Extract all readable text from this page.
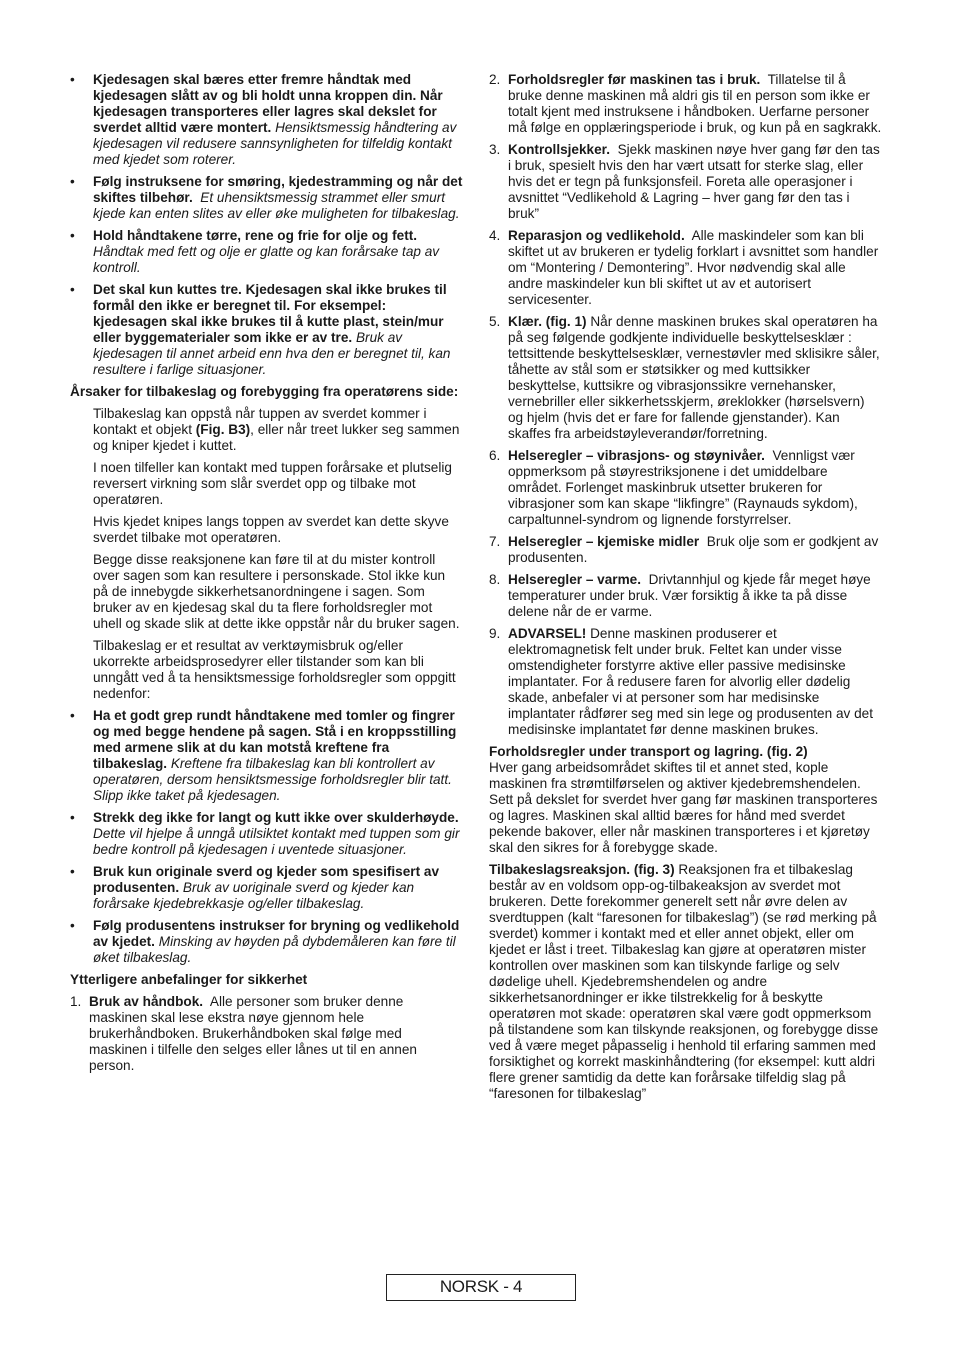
• Kjedesagen skal bæres etter fremre håndtak med kjedesagen slått av og bli holdt unna kroppen din. Når kjedesagen transporteres eller lagres skal dekslet for sverdet alltid være montert. Hensiktsmessig håndtering av kjedesagen vil redusere sannsynligheten for tilfeldig kontakt med kjedet som roterer.
• Følg instruksene for smøring, kjedestramming og når det skiftes tilbehør. Et uhensiktsmessig strammet eller smurt kjede kan enten slites av eller øke muligheten for tilbakeslag.
• Hold håndtakene tørre, rene og frie for olje og fett. Håndtak med fett og olje er glatte og kan forårsake tap av kontroll.
• Det skal kun kuttes tre. Kjedesagen skal ikke brukes til formål den ikke er beregnet til. For eksempel: kjedesagen skal ikke brukes til å kutte plast, stein/mur eller byggematerialer som ikke er av tre. Bruk av kjedesagen til annet arbeid enn hva den er beregnet til, kan resultere i farlige situasjoner.
Årsaker for tilbakeslag og forebygging fra operatørens side:
Tilbakeslag kan oppstå når tuppen av sverdet kommer i kontakt et objekt (Fig. B3), eller når treet lukker seg sammen og kniper kjedet i kuttet.
I noen tilfeller kan kontakt med tuppen forårsake et plutselig reversert virkning som slår sverdet opp og tilbake mot operatøren.
Hvis kjedet knipes langs toppen av sverdet kan dette skyve sverdet tilbake mot operatøren.
Begge disse reaksjonene kan føre til at du mister kontroll over sagen som kan resultere i personskade. Stol ikke kun på de innebygde sikkerhetsanordningene i sagen. Som bruker av en kjedesag skal du ta flere forholdsregler mot uhell og skade slik at dette ikke oppstår når du bruker sagen.
Tilbakeslag er et resultat av verktøymisbruk og/eller ukorrekte arbeidsprosedyrer eller tilstander som kan bli unngått ved å ta hensiktsmessige forholdsregler som oppgitt nedenfor:
• Ha et godt grep rundt håndtakene med tomler og fingrer og med begge hendene på sagen. Stå i en kroppsstilling med armene slik at du kan motstå kreftene fra tilbakeslag. Kreftene fra tilbakeslag kan bli kontrollert av operatøren, dersom hensiktsmessige forholdsregler blir tatt. Slipp ikke taket på kjedesagen.
• Strekk deg ikke for langt og kutt ikke over skulderhøyde. Dette vil hjelpe å unngå utilsiktet kontakt med tuppen som gir bedre kontroll på kjedesagen i uventede situasjoner.
• Bruk kun originale sverd og kjeder som spesifisert av produsenten. Bruk av uoriginale sverd og kjeder kan forårsake kjedebrekkasje og/eller tilbakeslag.
• Følg produsentens instrukser for bryning og vedlikehold av kjedet. Minsking av høyden på dybdemåleren kan føre til øket tilbakeslag.
Ytterligere anbefalinger for sikkerhet
1. Bruk av håndbok. Alle personer som bruker denne maskinen skal lese ekstra nøye gjennom hele brukerhåndboken. Brukerhåndboken skal følge med maskinen i tilfelle den selges eller lånes ut til en annen person.
2. Forholdsregler før maskinen tas i bruk. Tillatelse til å bruke denne maskinen må aldri gis til en person som ikke er totalt kjent med instruksene i håndboken. Uerfarne personer må følge en opplæringsperiode i bruk, og kun på en sagkrakk.
3. Kontrollsjekker. Sjekk maskinen nøye hver gang før den tas i bruk, spesielt hvis den har vært utsatt for sterke slag, eller hvis det er tegn på funksjonsfeil. Foreta alle operasjoner i avsnittet “Vedlikehold & Lagring – hver gang før den tas i bruk”
4. Reparasjon og vedlikehold. Alle maskindeler som kan bli skiftet ut av brukeren er tydelig forklart i avsnittet som handler om “Montering / Demontering”. Hvor nødvendig skal alle andre maskindeler kun bli skiftet ut av et autorisert servicesenter.
5. Klær. (fig. 1) Når denne maskinen brukes skal operatøren ha på seg følgende godkjente individuelle beskyttelsesklær : tettsittende beskyttelsesklær, vernestøvler med sklisikre såler, tåhette av stål som er støtsikker og med kuttsikker beskyttelse, kuttsikre og vibrasjonssikre vernehansker, vernebriller eller sikkerhetsskjerm, øreklokker (hørselsvern) og hjelm (hvis det er fare for fallende gjenstander). Kan skaffes fra arbeidstøyleverandør/forretning.
6. Helseregler – vibrasjons- og støynivåer. Vennligst vær oppmerksom på støyrestriksjonene i det umiddelbare området. Forlenget maskinbruk utsetter brukeren for vibrasjoner som kan skape “likfingre” (Raynauds sykdom), carpaltunnel-syndrom og lignende forstyrrelser.
7. Helseregler – kjemiske midler Bruk olje som er godkjent av produsenten.
8. Helseregler – varme. Drivtannhjul og kjede får meget høye temperaturer under bruk. Vær forsiktig å ikke ta på disse delene når de er varme.
9. ADVARSEL! Denne maskinen produserer et elektromagnetisk felt under bruk. Feltet kan under visse omstendigheter forstyrre aktive eller passive medisinske implantater. For å redusere faren for alvorlig eller dødelig skade, anbefaler vi at personer som har medisinske implantater rådfører seg med sin lege og produsenten av det medisinske implantatet før denne maskinen brukes.
Forholdsregler under transport og lagring. (fig. 2)
Hver gang arbeidsområdet skiftes til et annet sted, kople maskinen fra strømtilførselen og aktiver kjedebremshendelen. Sett på dekslet for sverdet hver gang før maskinen transporteres og lagres. Maskinen skal alltid bæres for hånd med sverdet pekende bakover, eller når maskinen transporteres i et kjøretøy skal den sikres for å forebygge skade.
Tilbakeslagsreaksjon. (fig. 3) Reaksjonen fra et tilbakeslag består av en voldsom opp-og-tilbakeaksjon av sverdet mot brukeren. Dette forekommer generelt sett når øvre delen av sverdtuppen (kalt “faresonen for tilbakeslag”) (se rød merking på sverdet) kommer i kontakt med et eller annet objekt, eller om kjedet er låst i treet. Tilbakeslag kan gjøre at operatøren mister kontrollen over maskinen som kan tilskynde farlige og selv dødelige uhell. Kjedebremshendelen og andre sikkerhetsanordninger er ikke tilstrekkelig for å beskytte operatøren mot skade: operatøren skal være godt oppmerksom på tilstandene som kan tilskynde reaksjonen, og forebygge disse ved å være meget påpasselig i henhold til erfaring sammen med forsiktighet og korrekt maskinhåndtering (for eksempel: kutt aldri flere grener samtidig da dette kan forårsake tilfeldig slag på “faresonen for tilbakeslag”
NORSK - 4
